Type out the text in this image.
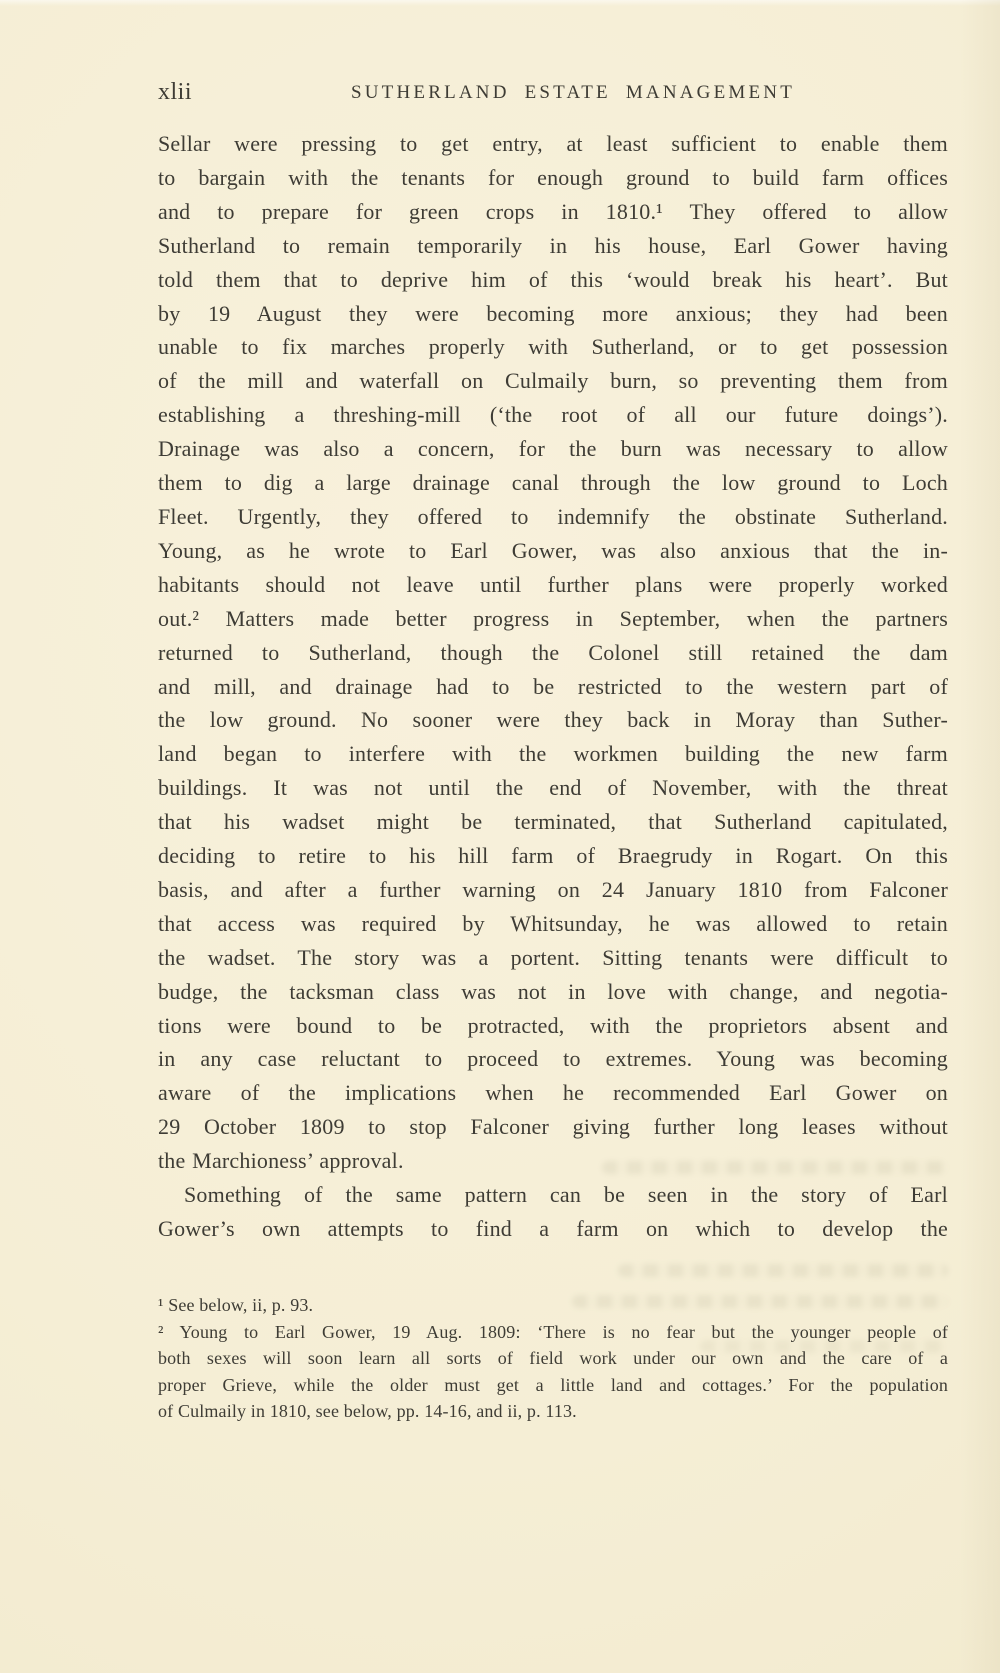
xlii	SUTHERLAND ESTATE MANAGEMENT
Sellar were pressing to get entry, at least sufficient to enable them
to bargain with the tenants for enough ground to build farm offices
and to prepare for green crops in 1810.¹ They offered to allow
Sutherland to remain temporarily in his house, Earl Gower having
told them that to deprive him of this ‘would break his heart’. But
by 19 August they were becoming more anxious; they had been
unable to fix marches properly with Sutherland, or to get possession
of the mill and waterfall on Culmaily burn, so preventing them from
establishing a threshing-mill (‘the root of all our future doings’).
Drainage was also a concern, for the burn was necessary to allow
them to dig a large drainage canal through the low ground to Loch
Fleet. Urgently, they offered to indemnify the obstinate Sutherland.
Young, as he wrote to Earl Gower, was also anxious that the in-
habitants should not leave until further plans were properly worked
out.² Matters made better progress in September, when the partners
returned to Sutherland, though the Colonel still retained the dam
and mill, and drainage had to be restricted to the western part of
the low ground. No sooner were they back in Moray than Suther-
land began to interfere with the workmen building the new farm
buildings. It was not until the end of November, with the threat
that his wadset might be terminated, that Sutherland capitulated,
deciding to retire to his hill farm of Braegrudy in Rogart. On this
basis, and after a further warning on 24 January 1810 from Falconer
that access was required by Whitsunday, he was allowed to retain
the wadset. The story was a portent. Sitting tenants were difficult to
budge, the tacksman class was not in love with change, and negotia-
tions were bound to be protracted, with the proprietors absent and
in any case reluctant to proceed to extremes. Young was becoming
aware of the implications when he recommended Earl Gower on
29 October 1809 to stop Falconer giving further long leases without
the Marchioness’ approval.
Something of the same pattern can be seen in the story of Earl
Gower’s own attempts to find a farm on which to develop the
¹ See below, ii, p. 93.
² Young to Earl Gower, 19 Aug. 1809: ‘There is no fear but the younger people of
both sexes will soon learn all sorts of field work under our own and the care of a
proper Grieve, while the older must get a little land and cottages.’ For the population
of Culmaily in 1810, see below, pp. 14-16, and ii, p. 113.
